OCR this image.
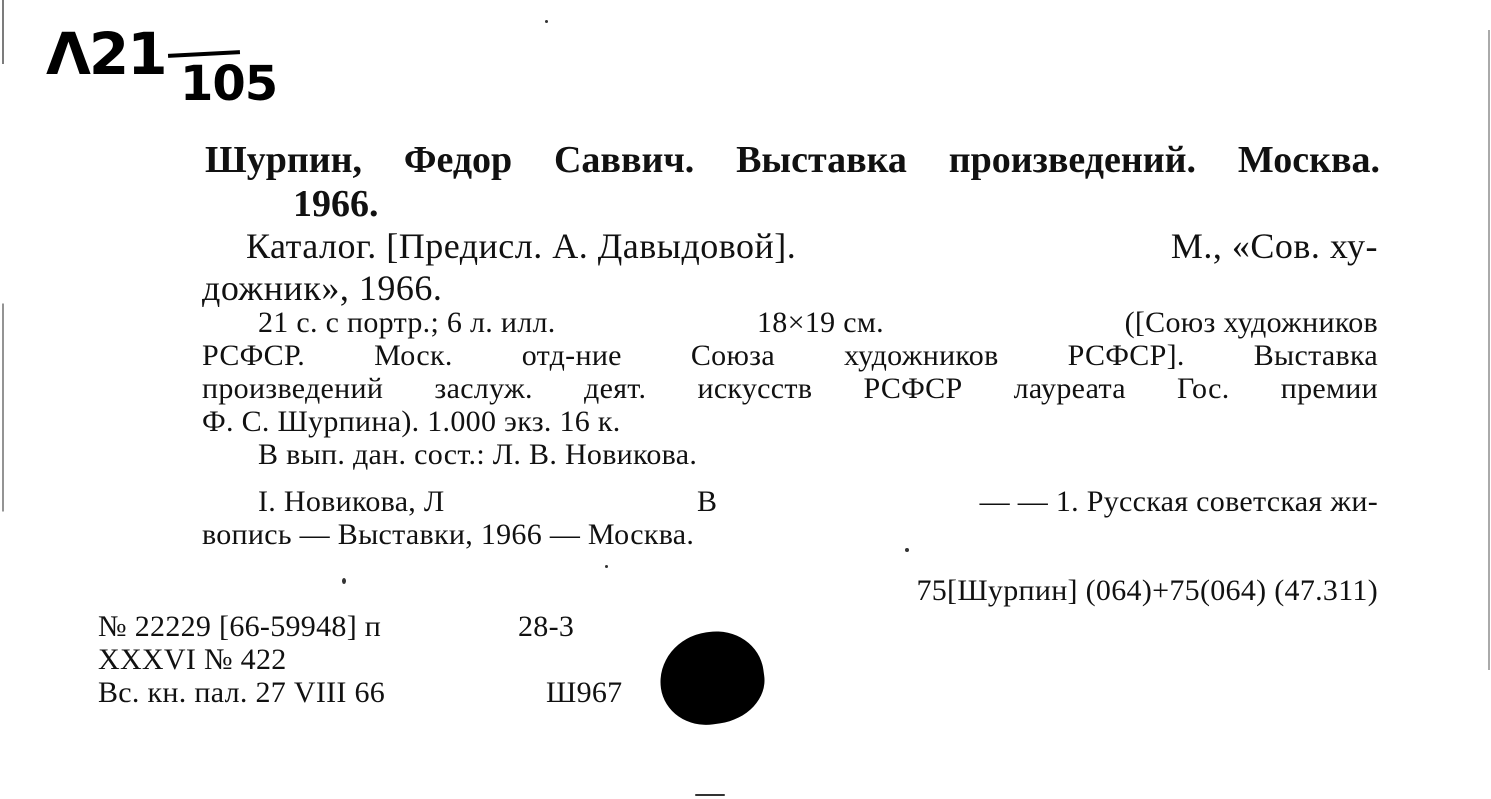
Λ21 105
Шурпин, Федор Саввич. Выставка произведений. Москва.
1966.
Каталог. [Предисл. А. Давыдовой].	М., «Сов. ху-
дожник», 1966.
21 с. с портр.; 6 л. илл.	18×19 см.	([Союз художников
РСФСР. Моск. отд-ние Союза художников РСФСР]. Выставка
произведений заслуж. деят. искусств РСФСР лауреата Гос. премии
Ф. С. Шурпина). 1.000 экз. 16 к.
В вып. дан. сост.: Л. В. Новикова.
I. Новикова, Л	В	— — 1. Русская советская жи-
вопись — Выставки, 1966 — Москва.
75[Шурпин] (064)+75(064) (47.311)
№ 22229 [66-59948] п	28-3
XXXVI № 422
Вс. кн. пал. 27 VIII 66	Ш967
